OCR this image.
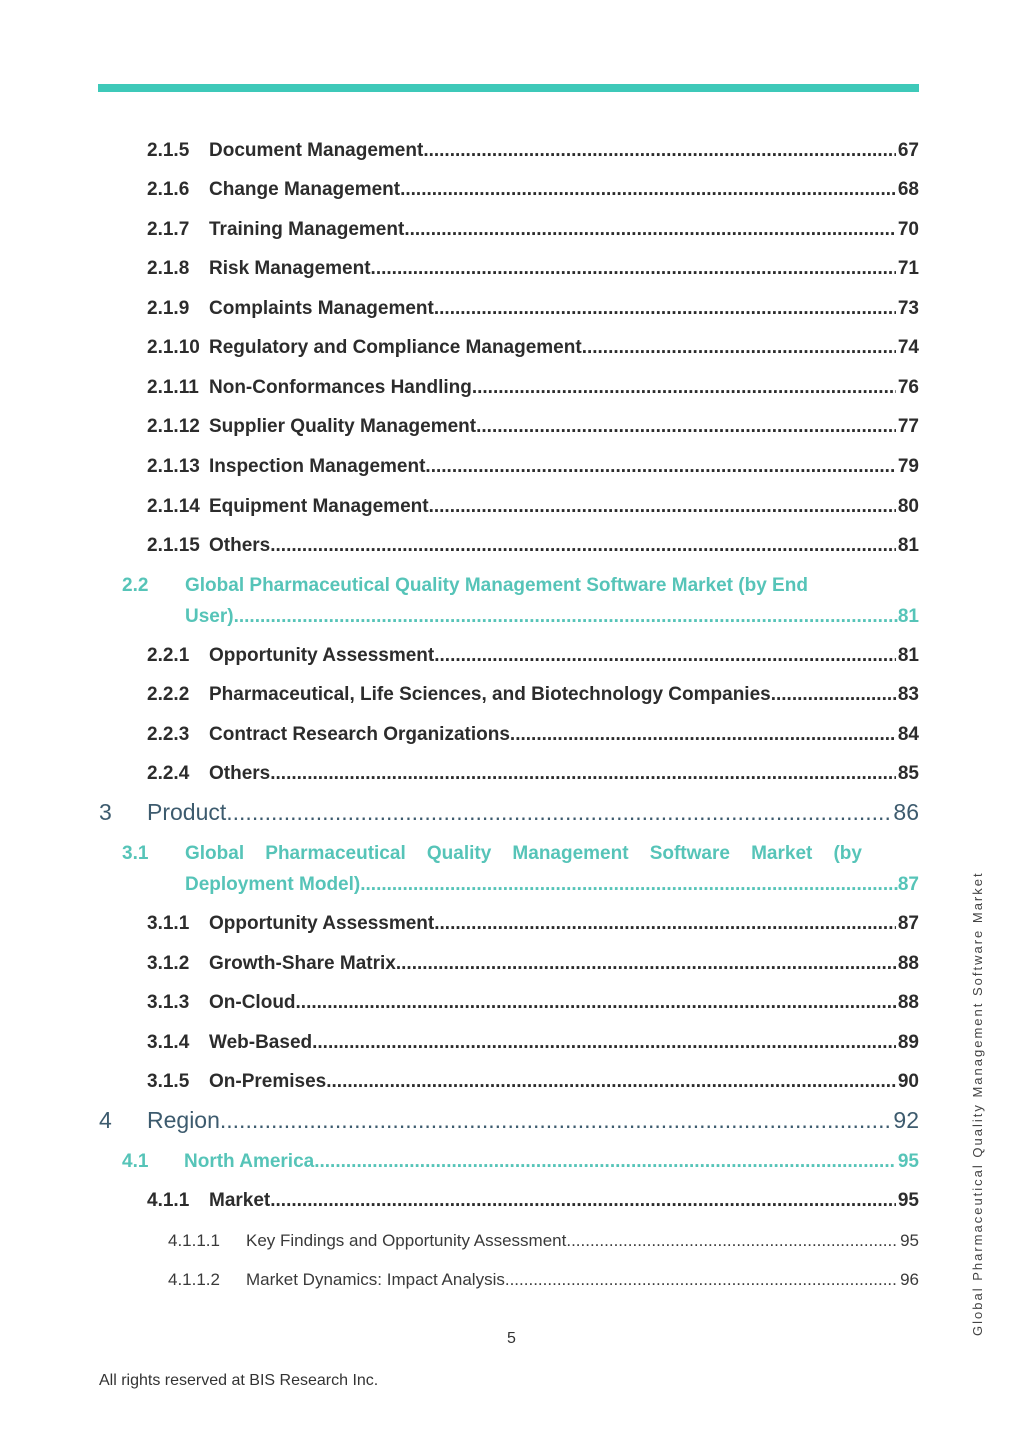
2.1.5	Document Management .....	67
2.1.6	Change Management .....	68
2.1.7	Training Management .....	70
2.1.8	Risk Management .....	71
2.1.9	Complaints Management .....	73
2.1.10 Regulatory and Compliance Management .....	74
2.1.11 Non-Conformances Handling .....	76
2.1.12 Supplier Quality Management .....	77
2.1.13 Inspection Management .....	79
2.1.14 Equipment Management .....	80
2.1.15 Others .....	81
2.2 Global Pharmaceutical Quality Management Software Market (by End
User) .....	81
2.2.1	Opportunity Assessment .....	81
2.2.2	Pharmaceutical, Life Sciences, and Biotechnology Companies .....	83
2.2.3	Contract Research Organizations .....	84
2.2.4	Others .....	85
3	Product .....	86
3.1 Global Pharmaceutical Quality Management Software Market (by
Deployment Model) .....	87
3.1.1	Opportunity Assessment .....	87
3.1.2	Growth-Share Matrix .....	88
3.1.3	On-Cloud .....	88
3.1.4	Web-Based .....	89
3.1.5	On-Premises .....	90
4	Region .....	92
4.1	North America .....	95
4.1.1	Market .....	95
4.1.1.1	Key Findings and Opportunity Assessment .....	95
4.1.1.2	Market Dynamics: Impact Analysis .....	96
5
All rights reserved at BIS Research Inc.
Global Pharmaceutical Quality Management Software Market
